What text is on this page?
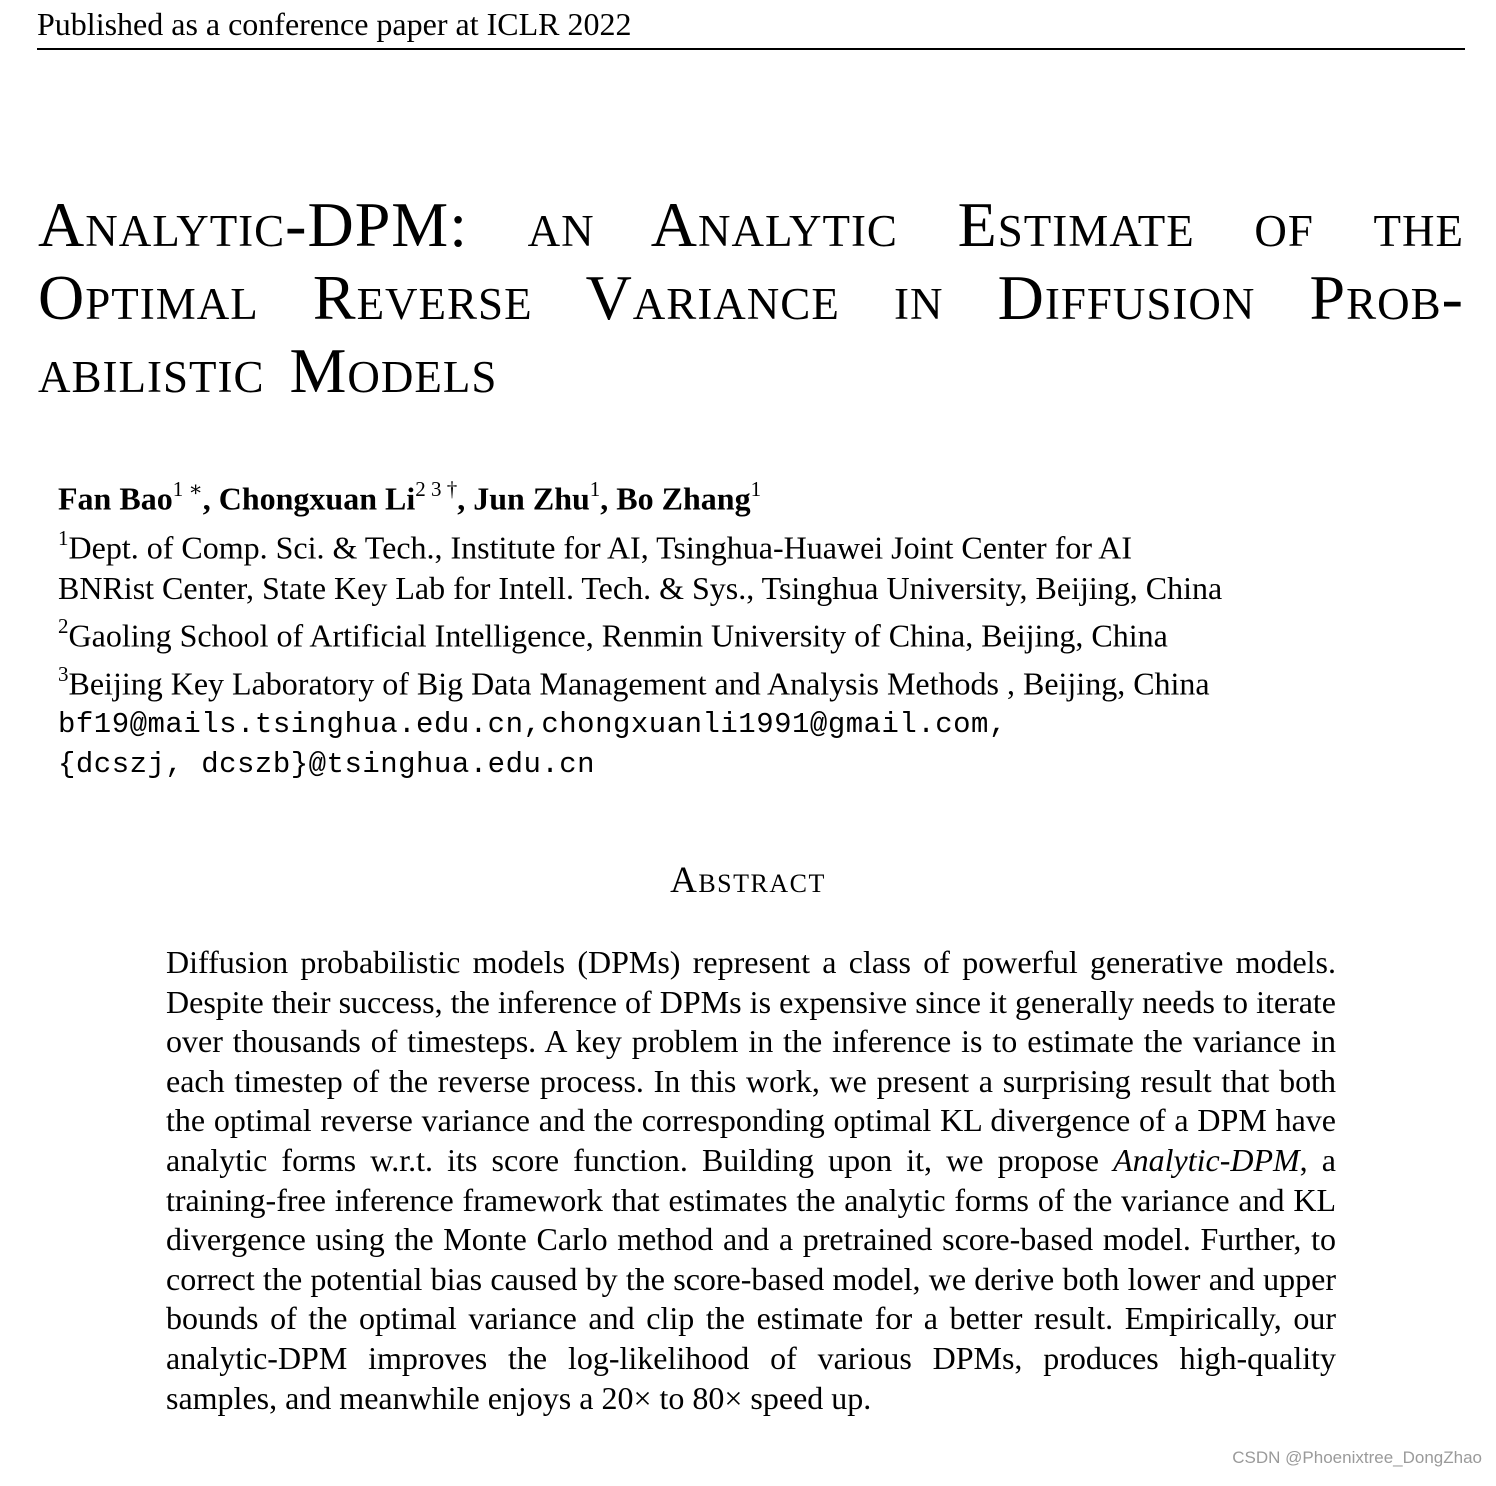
Published as a conference paper at ICLR 2022
Analytic-DPM: an Analytic Estimate of the
Optimal Reverse Variance in Diffusion Prob-
abilistic Models
Fan Bao$^{1 ∗}$, Chongxuan $Li^{2 3 \dagger}$, Jun Zhu$^1$, Bo Zhang$^1$
$^1$Dept. of Comp. Sci. & Tech., Institute for AI, Tsinghua-Huawei Joint Center for AI
BNRist Center, State Key Lab for Intell. Tech. & Sys., Tsinghua University, Beijing, China
$^2$Gaoling School of Artificial Intelligence, Renmin University of China, Beijing, China
$^3$Beijing Key Laboratory of Big Data Management and Analysis Methods , Beijing, China
bf19@mails.tsinghua.edu.cn,chongxuanli1991@gmail.com,
{dcszj, dcszb}@tsinghua.edu.cn
Abstract
Diffusion probabilistic models (DPMs) represent a class of powerful generative models. Despite their success, the inference of DPMs is expensive since it generally needs to iterate over thousands of timesteps. A key problem in the inference is to estimate the variance in each timestep of the reverse process. In this work, we present a surprising result that both the optimal reverse variance and the corresponding optimal KL divergence of a DPM have analytic forms w.r.t. its score function. Building upon it, we propose Analytic-DPM, a training-free inference framework that estimates the analytic forms of the variance and KL divergence using the Monte Carlo method and a pretrained score-based model. Further, to correct the potential bias caused by the score-based model, we derive both lower and upper bounds of the optimal variance and clip the estimate for a better result. Empirically, our analytic-DPM improves the log-likelihood of various DPMs, produces high-quality samples, and meanwhile enjoys a 20× to 80× speed up.
CSDN @Phoenixtree_DongZhao
